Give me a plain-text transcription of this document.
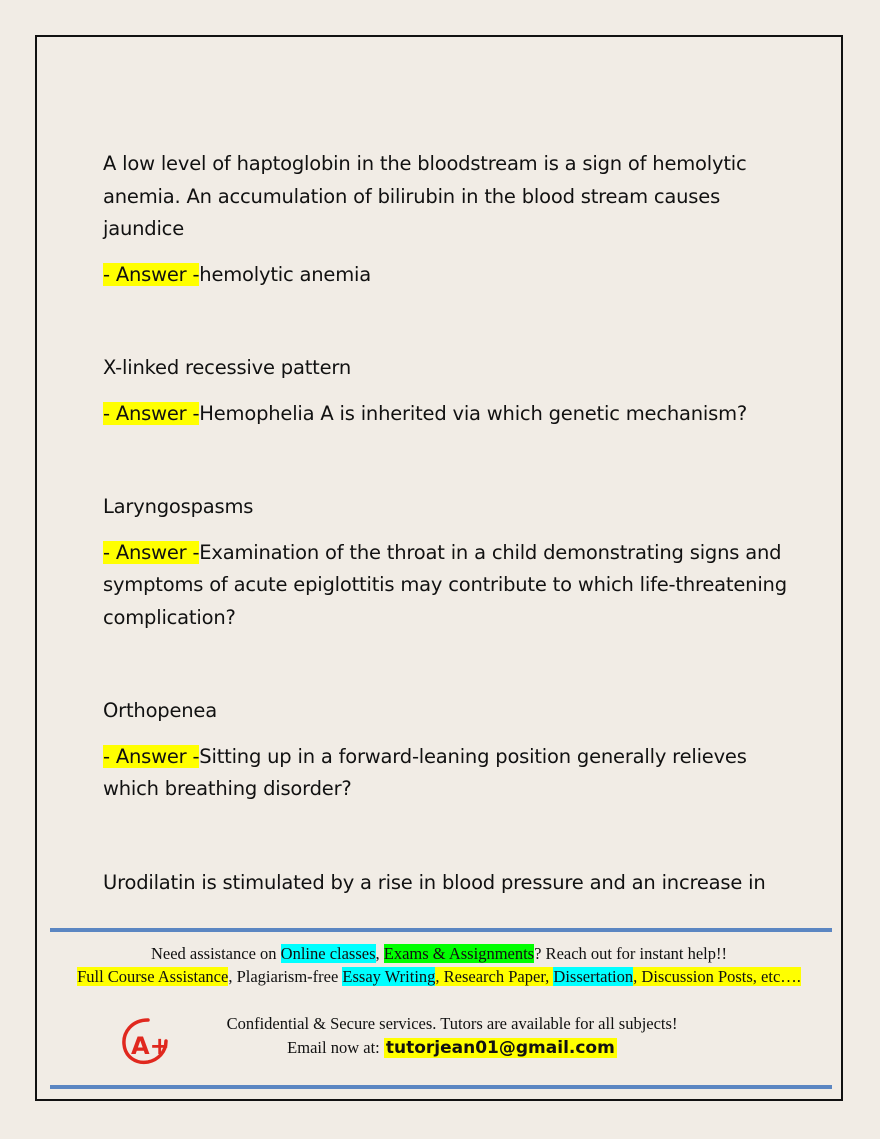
A low level of haptoglobin in the bloodstream is a sign of hemolytic anemia. An accumulation of bilirubin in the blood stream causes jaundice

- Answer -hemolytic anemia

X-linked recessive pattern

- Answer -Hemophelia A is inherited via which genetic mechanism?

Laryngospasms

- Answer -Examination of the throat in a child demonstrating signs and symptoms of acute epiglottitis may contribute to which life-threatening complication?

Orthopenea

- Answer -Sitting up in a forward-leaning position generally relieves which breathing disorder?

Urodilatin is stimulated by a rise in blood pressure and an increase in

Need assistance on Online classes, Exams & Assignments? Reach out for instant help!!
Full Course Assistance, Plagiarism-free Essay Writing, Research Paper, Dissertation, Discussion Posts, etc….
A+
Confidential & Secure services. Tutors are available for all subjects!
Email now at: tutorjean01@gmail.com
